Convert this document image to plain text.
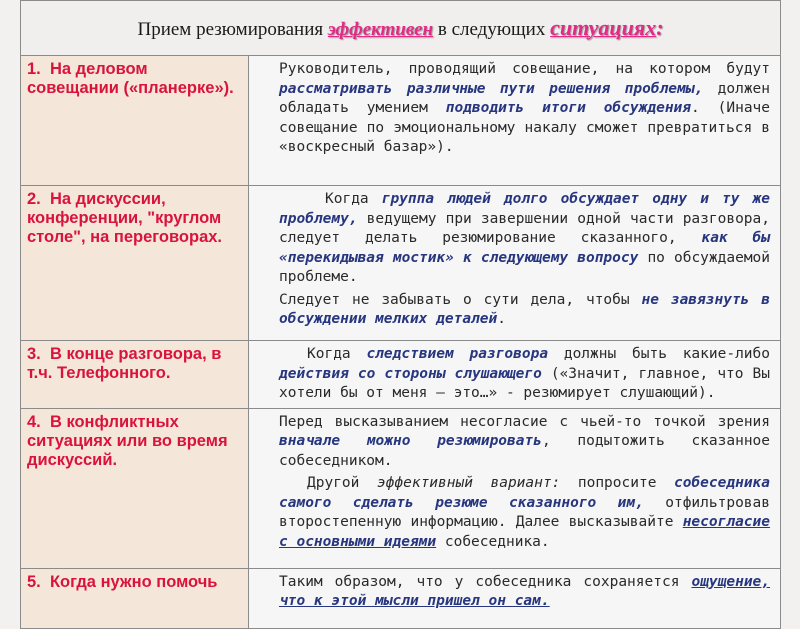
Прием резюмирования эффективен в следующих ситуациях:	
1. На деловом совещании («планерке»).	Руководитель, проводящий совещание, на котором будут рассматривать различные пути решения проблемы, должен обладать умением подводить итоги обсуждения. (Иначе совещание по эмоциональному накалу сможет превратиться в «воскресный базар»).

2. На дискуссии, конференции, "круглом столе", на переговорах.	Когда группа людей долго обсуждает одну и ту же проблему, ведущему при завершении одной части разговора, следует делать резюмирование сказанного, как бы «перекидывая мостик» к следующему вопросу по обсуждаемой проблеме.

Следует не забывать о сути дела, чтобы не завязнуть в обсуждении мелких деталей.

3. В конце разговора, в т.ч. Телефонного.	Когда следствием разговора должны быть какие-либо действия со стороны слушающего («Значит, главное, что Вы хотели бы от меня – это…» - резюмирует слушающий).

4. В конфликтных ситуациях или во время дискуссий.	Перед высказыванием несогласие с чьей-то точкой зрения вначале можно резюмировать, подытожить сказанное собеседником.

Другой эффективный вариант: попросите собеседника самого сделать резюме сказанного им, отфильтровав второстепенную информацию. Далее высказывайте несогласие с основными идеями собеседника.

5. Когда нужно помочь	Таким образом, что у собеседника сохраняется ощущение, что к этой мысли пришел он сам.
